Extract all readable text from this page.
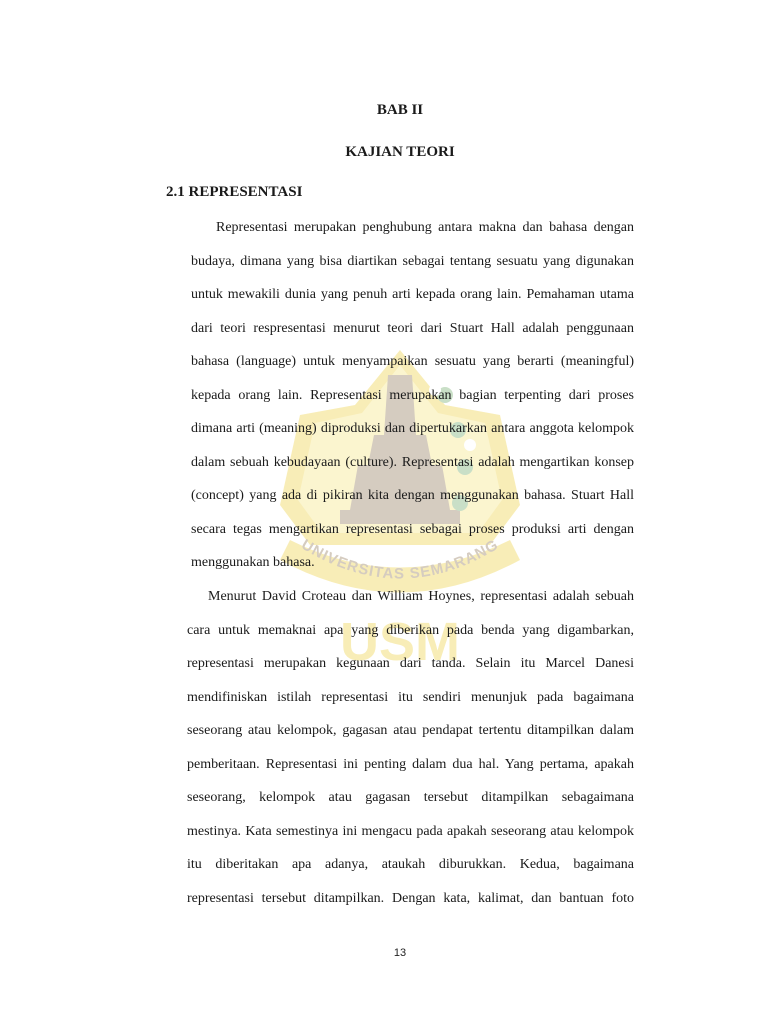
UNIVERSITAS SEMARANG
USM
BAB II
KAJIAN TEORI
2.1 REPRESENTASI
Representasi merupakan penghubung antara makna dan bahasa dengan
budaya, dimana yang bisa diartikan sebagai tentang sesuatu yang digunakan
untuk mewakili dunia yang penuh arti kepada orang lain. Pemahaman utama
dari teori respresentasi menurut teori dari Stuart Hall adalah penggunaan
bahasa (language) untuk menyampaikan sesuatu yang berarti (meaningful)
kepada orang lain. Representasi merupakan bagian terpenting dari proses
dimana arti (meaning) diproduksi dan dipertukarkan antara anggota kelompok
dalam sebuah kebudayaan (culture). Representasi adalah mengartikan konsep
(concept) yang ada di pikiran kita dengan menggunakan bahasa. Stuart Hall
secara tegas mengartikan representasi sebagai proses produksi arti dengan
menggunakan bahasa.
Menurut David Croteau dan William Hoynes, representasi adalah sebuah
cara untuk memaknai apa yang diberikan pada benda yang digambarkan,
representasi merupakan kegunaan dari tanda. Selain itu Marcel Danesi
mendifiniskan istilah representasi itu sendiri menunjuk pada bagaimana
seseorang atau kelompok, gagasan atau pendapat tertentu ditampilkan dalam
pemberitaan. Representasi ini penting dalam dua hal. Yang pertama, apakah
seseorang, kelompok atau gagasan tersebut ditampilkan sebagaimana
mestinya. Kata semestinya ini mengacu pada apakah seseorang atau kelompok
itu diberitakan apa adanya, ataukah diburukkan. Kedua, bagaimana
representasi tersebut ditampilkan. Dengan kata, kalimat, dan bantuan foto
13
